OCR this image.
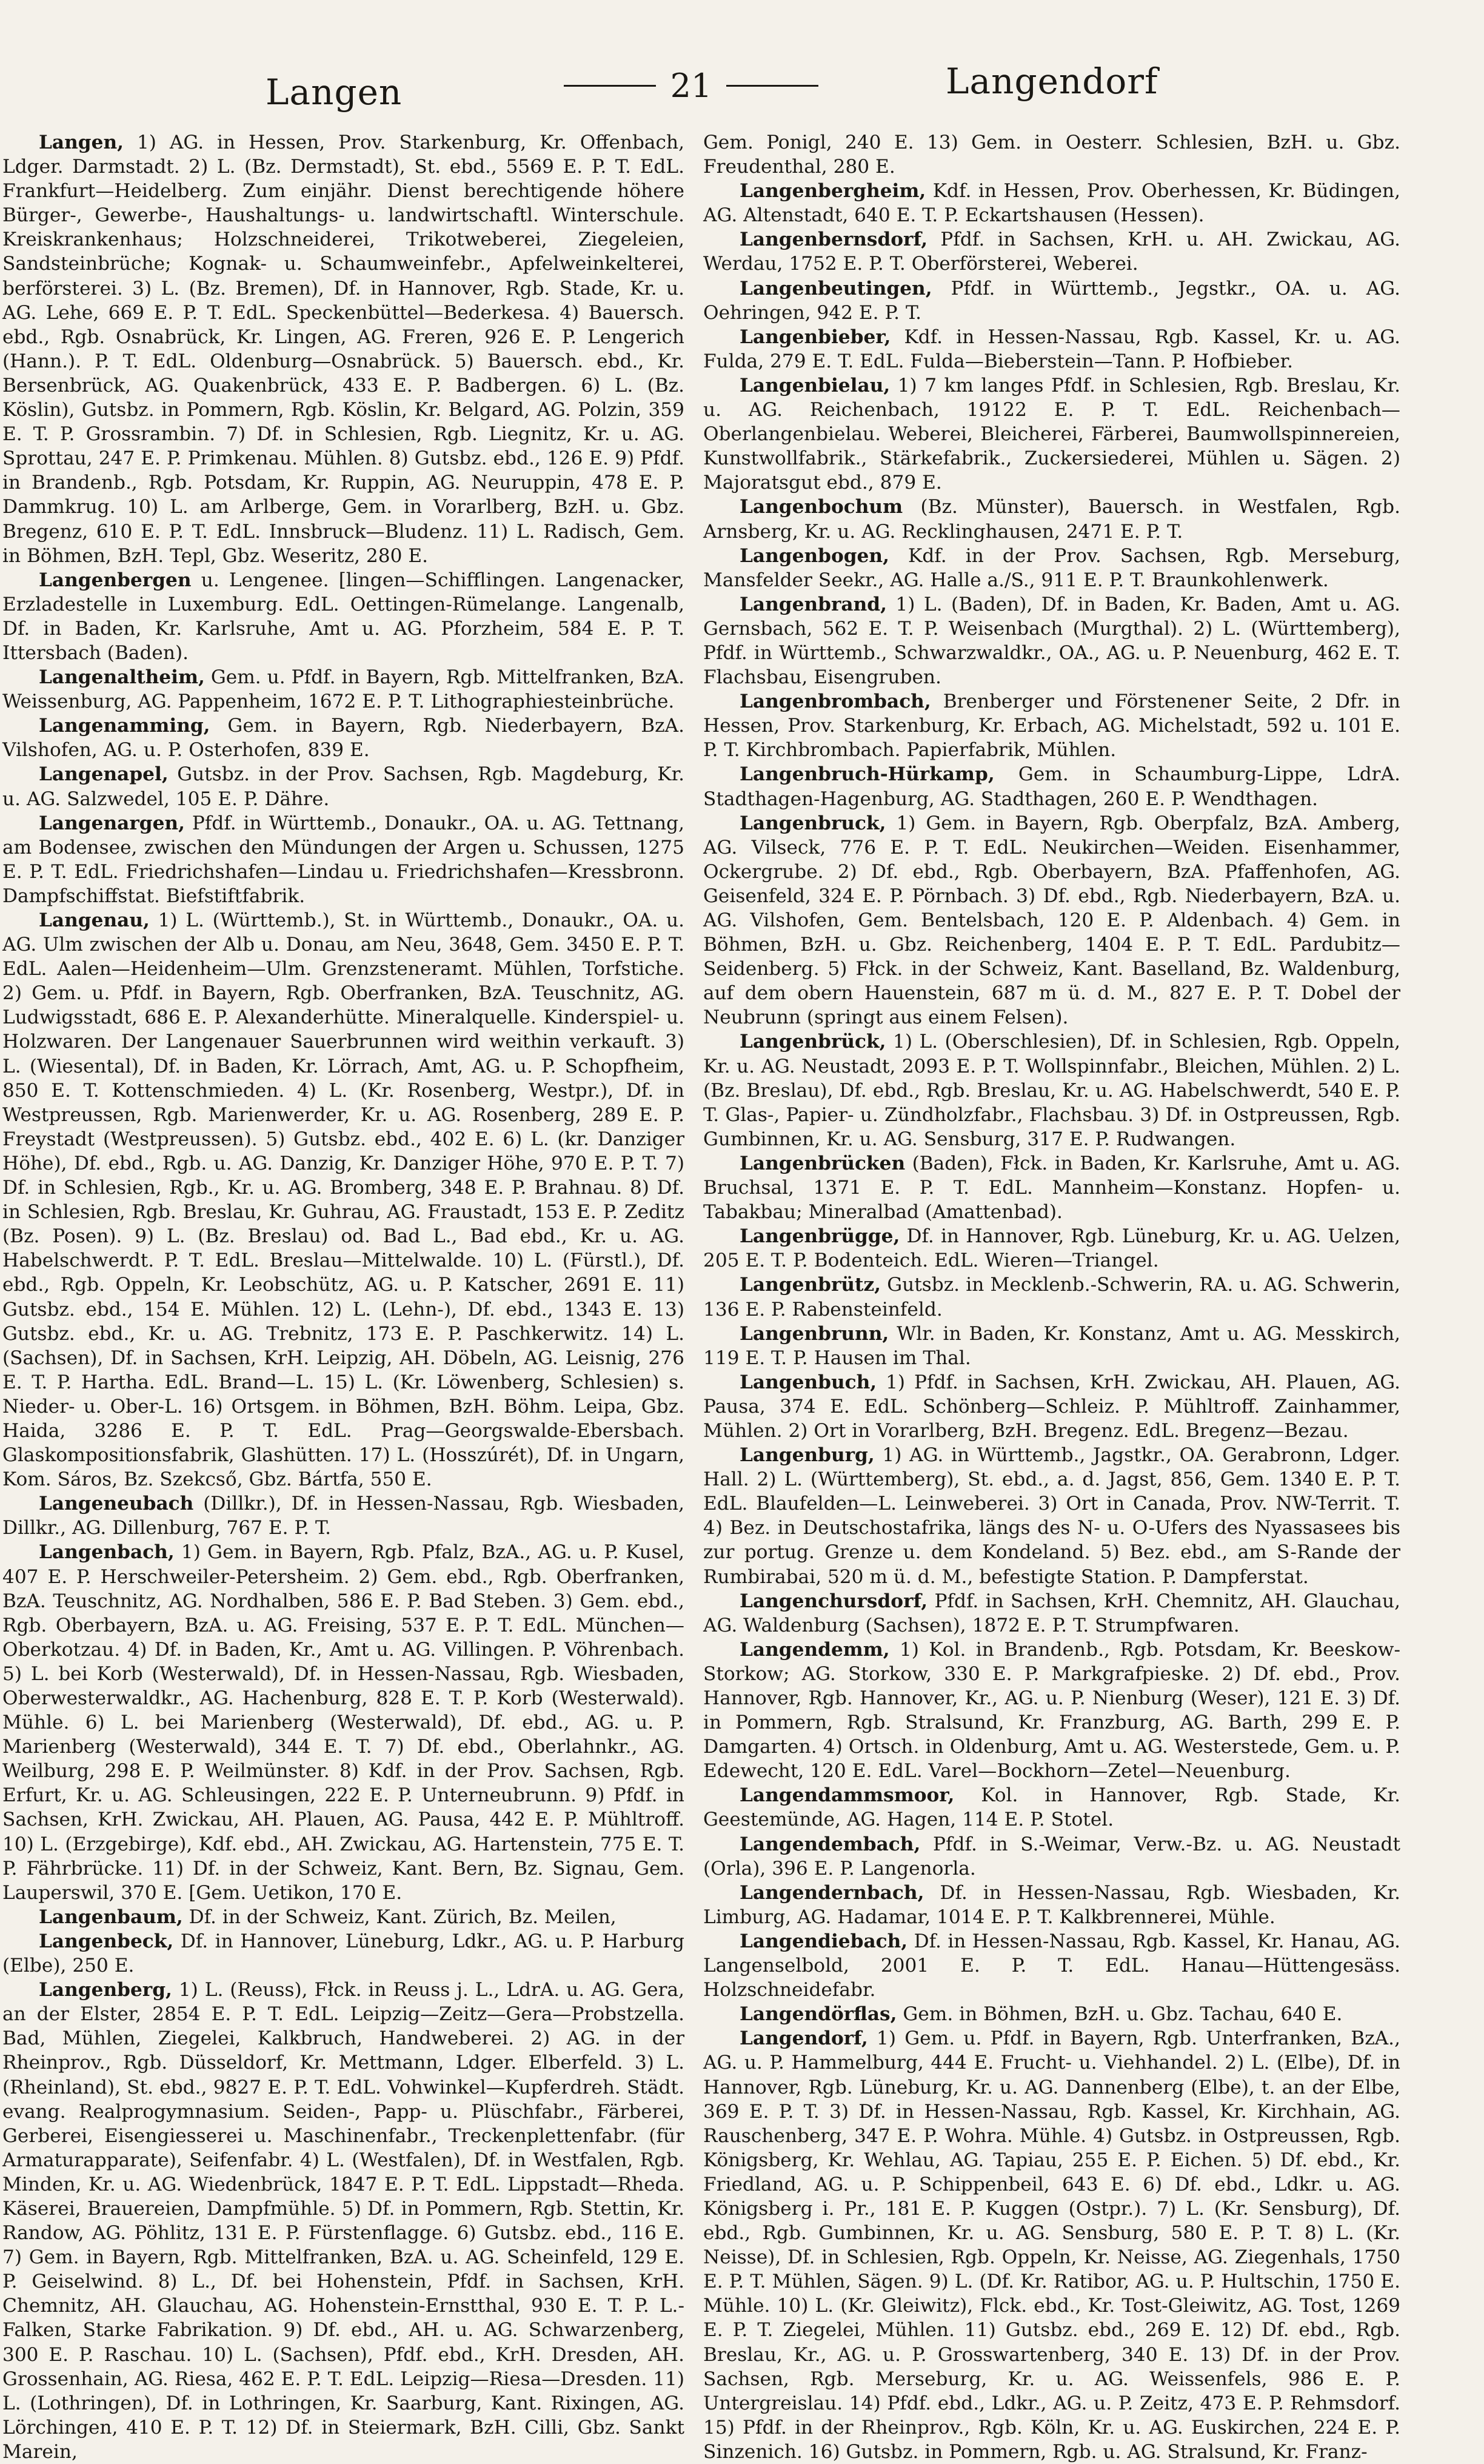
Langen	21	Langendorf

Langen, 1) AG. in Hessen, Prov. Starkenburg, Kr. Offenbach, Ldger. Darmstadt. 2) L. (Bz. Dermstadt), St. ebd., 5569 E. P. T. EdL. Frankfurt—Heidelberg. Zum einjähr. Dienst berechtigende höhere Bürger-, Gewerbe-, Haushaltungs- u. landwirtschaftl. Winterschule. Kreiskrankenhaus; Holzschneiderei, Trikotweberei, Ziegeleien, Sandsteinbrüche; Kognak- u. Schaumweinfebr., Apfelweinkelterei, berförsterei. 3) L. (Bz. Bremen), Df. in Hannover, Rgb. Stade, Kr. u. AG. Lehe, 669 E. P. T. EdL. Speckenbüttel—Bederkesa. 4) Bauersch. ebd., Rgb. Osnabrück, Kr. Lingen, AG. Freren, 926 E. P. Lengerich (Hann.). P. T. EdL. Oldenburg—Osnabrück. 5) Bauersch. ebd., Kr. Bersenbrück, AG. Quakenbrück, 433 E. P. Badbergen. 6) L. (Bz. Köslin), Gutsbz. in Pommern, Rgb. Köslin, Kr. Belgard, AG. Polzin, 359 E. T. P. Grossrambin. 7) Df. in Schlesien, Rgb. Liegnitz, Kr. u. AG. Sprottau, 247 E. P. Primkenau. Mühlen. 8) Gutsbz. ebd., 126 E. 9) Pfdf. in Brandenb., Rgb. Potsdam, Kr. Ruppin, AG. Neuruppin, 478 E. P. Dammkrug. 10) L. am Arlberge, Gem. in Vorarlberg, BzH. u. Gbz. Bregenz, 610 E. P. T. EdL. Innsbruck—Bludenz. 11) L. Radisch, Gem. in Böhmen, BzH. Tepl, Gbz. Weseritz, 280 E.

Langenbergen u. Lengenee. [lingen—Schifflingen. Langenacker, Erzladestelle in Luxemburg. EdL. Oettingen-Rümelange. Langenalb, Df. in Baden, Kr. Karlsruhe, Amt u. AG. Pforzheim, 584 E. P. T. Ittersbach (Baden).

Langenaltheim, Gem. u. Pfdf. in Bayern, Rgb. Mittelfranken, BzA. Weissenburg, AG. Pappenheim, 1672 E. P. T. Lithographiesteinbrüche.

Langenamming, Gem. in Bayern, Rgb. Niederbayern, BzA. Vilshofen, AG. u. P. Osterhofen, 839 E.

Langenapel, Gutsbz. in der Prov. Sachsen, Rgb. Magdeburg, Kr. u. AG. Salzwedel, 105 E. P. Dähre.

Langenargen, Pfdf. in Württemb., Donaukr., OA. u. AG. Tettnang, am Bodensee, zwischen den Mündungen der Argen u. Schussen, 1275 E. P. T. EdL. Friedrichshafen—Lindau u. Friedrichshafen—Kressbronn. Dampfschiffstat. Biefstiftfabrik.

Langenau, 1) L. (Württemb.), St. in Württemb., Donaukr., OA. u. AG. Ulm zwischen der Alb u. Donau, am Neu, 3648, Gem. 3450 E. P. T. EdL. Aalen—Heidenheim—Ulm. Grenzsteneramt. Mühlen, Torfstiche. 2) Gem. u. Pfdf. in Bayern, Rgb. Oberfranken, BzA. Teuschnitz, AG. Ludwigsstadt, 686 E. P. Alexanderhütte. Mineralquelle. Kinderspiel- u. Holzwaren. Der Langenauer Sauerbrunnen wird weithin verkauft. 3) L. (Wiesental), Df. in Baden, Kr. Lörrach, Amt, AG. u. P. Schopfheim, 850 E. T. Kottenschmieden. 4) L. (Kr. Rosenberg, Westpr.), Df. in Westpreussen, Rgb. Marienwerder, Kr. u. AG. Rosenberg, 289 E. P. Freystadt (Westpreussen). 5) Gutsbz. ebd., 402 E. 6) L. (kr. Danziger Höhe), Df. ebd., Rgb. u. AG. Danzig, Kr. Danziger Höhe, 970 E. P. T. 7) Df. in Schlesien, Rgb., Kr. u. AG. Bromberg, 348 E. P. Brahnau. 8) Df. in Schlesien, Rgb. Breslau, Kr. Guhrau, AG. Fraustadt, 153 E. P. Zeditz (Bz. Posen). 9) L. (Bz. Breslau) od. Bad L., Bad ebd., Kr. u. AG. Habelschwerdt. P. T. EdL. Breslau—Mittelwalde. 10) L. (Fürstl.), Df. ebd., Rgb. Oppeln, Kr. Leobschütz, AG. u. P. Katscher, 2691 E. 11) Gutsbz. ebd., 154 E. Mühlen. 12) L. (Lehn-), Df. ebd., 1343 E. 13) Gutsbz. ebd., Kr. u. AG. Trebnitz, 173 E. P. Paschkerwitz. 14) L. (Sachsen), Df. in Sachsen, KrH. Leipzig, AH. Döbeln, AG. Leisnig, 276 E. T. P. Hartha. EdL. Brand—L. 15) L. (Kr. Löwenberg, Schlesien) s. Nieder- u. Ober-L. 16) Ortsgem. in Böhmen, BzH. Böhm. Leipa, Gbz. Haida, 3286 E. P. T. EdL. Prag—Georgswalde-Ebersbach. Glaskompositionsfabrik, Glashütten. 17) L. (Hosszúrét), Df. in Ungarn, Kom. Sáros, Bz. Szekcső, Gbz. Bártfa, 550 E.

Langeneubach (Dillkr.), Df. in Hessen-Nassau, Rgb. Wiesbaden, Dillkr., AG. Dillenburg, 767 E. P. T.

Langenbach, 1) Gem. in Bayern, Rgb. Pfalz, BzA., AG. u. P. Kusel, 407 E. P. Herschweiler-Petersheim. 2) Gem. ebd., Rgb. Oberfranken, BzA. Teuschnitz, AG. Nordhalben, 586 E. P. Bad Steben. 3) Gem. ebd., Rgb. Oberbayern, BzA. u. AG. Freising, 537 E. P. T. EdL. München—Oberkotzau. 4) Df. in Baden, Kr., Amt u. AG. Villingen. P. Vöhrenbach. 5) L. bei Korb (Westerwald), Df. in Hessen-Nassau, Rgb. Wiesbaden, Oberwesterwaldkr., AG. Hachenburg, 828 E. T. P. Korb (Westerwald). Mühle. 6) L. bei Marienberg (Westerwald), Df. ebd., AG. u. P. Marienberg (Westerwald), 344 E. T. 7) Df. ebd., Oberlahnkr., AG. Weilburg, 298 E. P. Weilmünster. 8) Kdf. in der Prov. Sachsen, Rgb. Erfurt, Kr. u. AG. Schleusingen, 222 E. P. Unterneubrunn. 9) Pfdf. in Sachsen, KrH. Zwickau, AH. Plauen, AG. Pausa, 442 E. P. Mühltroff. 10) L. (Erzgebirge), Kdf. ebd., AH. Zwickau, AG. Hartenstein, 775 E. T. P. Fährbrücke. 11) Df. in der Schweiz, Kant. Bern, Bz. Signau, Gem. Lauperswil, 370 E. [Gem. Uetikon, 170 E.

Langenbaum, Df. in der Schweiz, Kant. Zürich, Bz. Meilen,

Langenbeck, Df. in Hannover, Lüneburg, Ldkr., AG. u. P. Harburg (Elbe), 250 E.

Langenberg, 1) L. (Reuss), Fłck. in Reuss j. L., LdrA. u. AG. Gera, an der Elster, 2854 E. P. T. EdL. Leipzig—Zeitz—Gera—Probstzella. Bad, Mühlen, Ziegelei, Kalkbruch, Handweberei. 2) AG. in der Rheinprov., Rgb. Düsseldorf, Kr. Mettmann, Ldger. Elberfeld. 3) L. (Rheinland), St. ebd., 9827 E. P. T. EdL. Vohwinkel—Kupferdreh. Städt. evang. Realprogymnasium. Seiden-, Papp- u. Plüschfabr., Färberei, Gerberei, Eisengiesserei u. Maschinenfabr., Treckenplettenfabr. (für Armaturapparate), Seifenfabr. 4) L. (Westfalen), Df. in Westfalen, Rgb. Minden, Kr. u. AG. Wiedenbrück, 1847 E. P. T. EdL. Lippstadt—Rheda. Käserei, Brauereien, Dampfmühle. 5) Df. in Pommern, Rgb. Stettin, Kr. Randow, AG. Pöhlitz, 131 E. P. Fürstenflagge. 6) Gutsbz. ebd., 116 E. 7) Gem. in Bayern, Rgb. Mittelfranken, BzA. u. AG. Scheinfeld, 129 E. P. Geiselwind. 8) L., Df. bei Hohenstein, Pfdf. in Sachsen, KrH. Chemnitz, AH. Glauchau, AG. Hohenstein-Ernstthal, 930 E. T. P. L.-Falken, Starke Fabrikation. 9) Df. ebd., AH. u. AG. Schwarzenberg, 300 E. P. Raschau. 10) L. (Sachsen), Pfdf. ebd., KrH. Dresden, AH. Grossenhain, AG. Riesa, 462 E. P. T. EdL. Leipzig—Riesa—Dresden. 11) L. (Lothringen), Df. in Lothringen, Kr. Saarburg, Kant. Rixingen, AG. Lörchingen, 410 E. P. T. 12) Df. in Steiermark, BzH. Cilli, Gbz. Sankt Marein,

Gem. Ponigl, 240 E. 13) Gem. in Oesterr. Schlesien, BzH. u. Gbz. Freudenthal, 280 E.

Langenbergheim, Kdf. in Hessen, Prov. Oberhessen, Kr. Büdingen, AG. Altenstadt, 640 E. T. P. Eckartshausen (Hessen).

Langenbernsdorf, Pfdf. in Sachsen, KrH. u. AH. Zwickau, AG. Werdau, 1752 E. P. T. Oberförsterei, Weberei.

Langenbeutingen, Pfdf. in Württemb., Jegstkr., OA. u. AG. Oehringen, 942 E. P. T.

Langenbieber, Kdf. in Hessen-Nassau, Rgb. Kassel, Kr. u. AG. Fulda, 279 E. T. EdL. Fulda—Bieberstein—Tann. P. Hofbieber.

Langenbielau, 1) 7 km langes Pfdf. in Schlesien, Rgb. Breslau, Kr. u. AG. Reichenbach, 19122 E. P. T. EdL. Reichenbach—Oberlangenbielau. Weberei, Bleicherei, Färberei, Baumwollspinnereien, Kunstwollfabrik., Stärkefabrik., Zuckersiederei, Mühlen u. Sägen. 2) Majoratsgut ebd., 879 E.

Langenbochum (Bz. Münster), Bauersch. in Westfalen, Rgb. Arnsberg, Kr. u. AG. Recklinghausen, 2471 E. P. T.

Langenbogen, Kdf. in der Prov. Sachsen, Rgb. Merseburg, Mansfelder Seekr., AG. Halle a./S., 911 E. P. T. Braunkohlenwerk.

Langenbrand, 1) L. (Baden), Df. in Baden, Kr. Baden, Amt u. AG. Gernsbach, 562 E. T. P. Weisenbach (Murgthal). 2) L. (Württemberg), Pfdf. in Württemb., Schwarzwaldkr., OA., AG. u. P. Neuenburg, 462 E. T. Flachsbau, Eisengruben.

Langenbrombach, Brenberger und Förstenener Seite, 2 Dfr. in Hessen, Prov. Starkenburg, Kr. Erbach, AG. Michelstadt, 592 u. 101 E. P. T. Kirchbrombach. Papierfabrik, Mühlen.

Langenbruch-Hürkamp, Gem. in Schaumburg-Lippe, LdrA. Stadthagen-Hagenburg, AG. Stadthagen, 260 E. P. Wendthagen.

Langenbruck, 1) Gem. in Bayern, Rgb. Oberpfalz, BzA. Amberg, AG. Vilseck, 776 E. P. T. EdL. Neukirchen—Weiden. Eisenhammer, Ockergrube. 2) Df. ebd., Rgb. Oberbayern, BzA. Pfaffenhofen, AG. Geisenfeld, 324 E. P. Pörnbach. 3) Df. ebd., Rgb. Niederbayern, BzA. u. AG. Vilshofen, Gem. Bentelsbach, 120 E. P. Aldenbach. 4) Gem. in Böhmen, BzH. u. Gbz. Reichenberg, 1404 E. P. T. EdL. Pardubitz—Seidenberg. 5) Fłck. in der Schweiz, Kant. Baselland, Bz. Waldenburg, auf dem obern Hauenstein, 687 m ü. d. M., 827 E. P. T. Dobel der Neubrunn (springt aus einem Felsen).

Langenbrück, 1) L. (Oberschlesien), Df. in Schlesien, Rgb. Oppeln, Kr. u. AG. Neustadt, 2093 E. P. T. Wollspinnfabr., Bleichen, Mühlen. 2) L. (Bz. Breslau), Df. ebd., Rgb. Breslau, Kr. u. AG. Habelschwerdt, 540 E. P. T. Glas-, Papier- u. Zündholzfabr., Flachsbau. 3) Df. in Ostpreussen, Rgb. Gumbinnen, Kr. u. AG. Sensburg, 317 E. P. Rudwangen.

Langenbrücken (Baden), Fłck. in Baden, Kr. Karlsruhe, Amt u. AG. Bruchsal, 1371 E. P. T. EdL. Mannheim—Konstanz. Hopfen- u. Tabakbau; Mineralbad (Amattenbad).

Langenbrügge, Df. in Hannover, Rgb. Lüneburg, Kr. u. AG. Uelzen, 205 E. T. P. Bodenteich. EdL. Wieren—Triangel.

Langenbrütz, Gutsbz. in Mecklenb.-Schwerin, RA. u. AG. Schwerin, 136 E. P. Rabensteinfeld.

Langenbrunn, Wlr. in Baden, Kr. Konstanz, Amt u. AG. Messkirch, 119 E. T. P. Hausen im Thal.

Langenbuch, 1) Pfdf. in Sachsen, KrH. Zwickau, AH. Plauen, AG. Pausa, 374 E. EdL. Schönberg—Schleiz. P. Mühltroff. Zainhammer, Mühlen. 2) Ort in Vorarlberg, BzH. Bregenz. EdL. Bregenz—Bezau.

Langenburg, 1) AG. in Württemb., Jagstkr., OA. Gerabronn, Ldger. Hall. 2) L. (Württemberg), St. ebd., a. d. Jagst, 856, Gem. 1340 E. P. T. EdL. Blaufelden—L. Leinweberei. 3) Ort in Canada, Prov. NW-Territ. T. 4) Bez. in Deutschostafrika, längs des N- u. O-Ufers des Nyassasees bis zur portug. Grenze u. dem Kondeland. 5) Bez. ebd., am S-Rande der Rumbirabai, 520 m ü. d. M., befestigte Station. P. Dampferstat.

Langenchursdorf, Pfdf. in Sachsen, KrH. Chemnitz, AH. Glauchau, AG. Waldenburg (Sachsen), 1872 E. P. T. Strumpfwaren.

Langendemm, 1) Kol. in Brandenb., Rgb. Potsdam, Kr. Beeskow-Storkow; AG. Storkow, 330 E. P. Markgrafpieske. 2) Df. ebd., Prov. Hannover, Rgb. Hannover, Kr., AG. u. P. Nienburg (Weser), 121 E. 3) Df. in Pommern, Rgb. Stralsund, Kr. Franzburg, AG. Barth, 299 E. P. Damgarten. 4) Ortsch. in Oldenburg, Amt u. AG. Westerstede, Gem. u. P. Edewecht, 120 E. EdL. Varel—Bockhorn—Zetel—Neuenburg.

Langendammsmoor, Kol. in Hannover, Rgb. Stade, Kr. Geestemünde, AG. Hagen, 114 E. P. Stotel.

Langendembach, Pfdf. in S.-Weimar, Verw.-Bz. u. AG. Neustadt (Orla), 396 E. P. Langenorla.

Langendernbach, Df. in Hessen-Nassau, Rgb. Wiesbaden, Kr. Limburg, AG. Hadamar, 1014 E. P. T. Kalkbrennerei, Mühle.

Langendiebach, Df. in Hessen-Nassau, Rgb. Kassel, Kr. Hanau, AG. Langenselbold, 2001 E. P. T. EdL. Hanau—Hüttengesäss. Holzschneidefabr.

Langendörflas, Gem. in Böhmen, BzH. u. Gbz. Tachau, 640 E.

Langendorf, 1) Gem. u. Pfdf. in Bayern, Rgb. Unterfranken, BzA., AG. u. P. Hammelburg, 444 E. Frucht- u. Viehhandel. 2) L. (Elbe), Df. in Hannover, Rgb. Lüneburg, Kr. u. AG. Dannenberg (Elbe), t. an der Elbe, 369 E. P. T. 3) Df. in Hessen-Nassau, Rgb. Kassel, Kr. Kirchhain, AG. Rauschenberg, 347 E. P. Wohra. Mühle. 4) Gutsbz. in Ostpreussen, Rgb. Königsberg, Kr. Wehlau, AG. Tapiau, 255 E. P. Eichen. 5) Df. ebd., Kr. Friedland, AG. u. P. Schippenbeil, 643 E. 6) Df. ebd., Ldkr. u. AG. Königsberg i. Pr., 181 E. P. Kuggen (Ostpr.). 7) L. (Kr. Sensburg), Df. ebd., Rgb. Gumbinnen, Kr. u. AG. Sensburg, 580 E. P. T. 8) L. (Kr. Neisse), Df. in Schlesien, Rgb. Oppeln, Kr. Neisse, AG. Ziegenhals, 1750 E. P. T. Mühlen, Sägen. 9) L. (Df. Kr. Ratibor, AG. u. P. Hultschin, 1750 E. Mühle. 10) L. (Kr. Gleiwitz), Flck. ebd., Kr. Tost-Gleiwitz, AG. Tost, 1269 E. P. T. Ziegelei, Mühlen. 11) Gutsbz. ebd., 269 E. 12) Df. ebd., Rgb. Breslau, Kr., AG. u. P. Grosswartenberg, 340 E. 13) Df. in der Prov. Sachsen, Rgb. Merseburg, Kr. u. AG. Weissenfels, 986 E. P. Untergreislau. 14) Pfdf. ebd., Ldkr., AG. u. P. Zeitz, 473 E. P. Rehmsdorf. 15) Pfdf. in der Rheinprov., Rgb. Köln, Kr. u. AG. Euskirchen, 224 E. P. Sinzenich. 16) Gutsbz. in Pommern, Rgb. u. AG. Stralsund, Kr. Franz-
